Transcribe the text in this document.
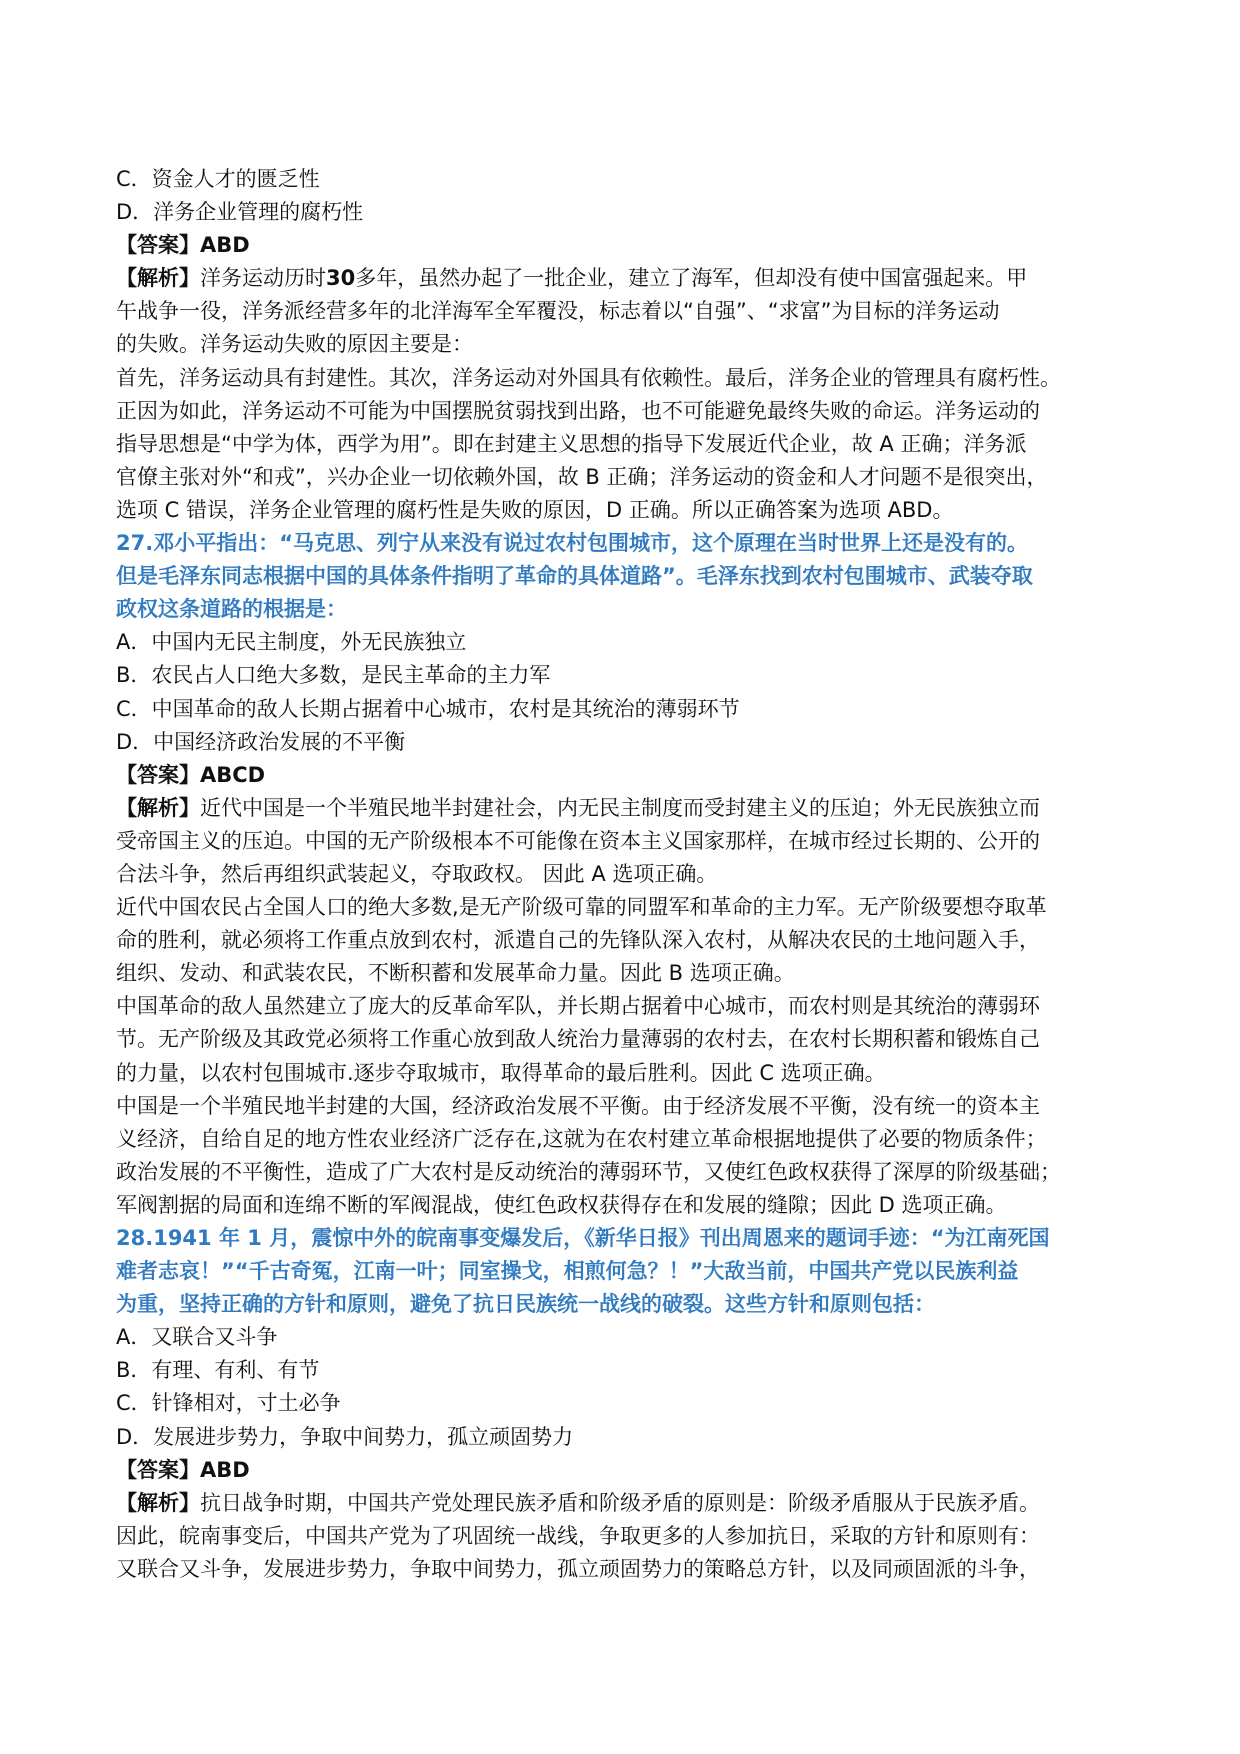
C．资金人才的匮乏性
D．洋务企业管理的腐朽性
【答案】ABD
【解析】洋务运动历时30多年，虽然办起了一批企业，建立了海军，但却没有使中国富强起来。甲
午战争一役，洋务派经营多年的北洋海军全军覆没，标志着以“自强”、“求富”为目标的洋务运动
的失败。洋务运动失败的原因主要是：
首先，洋务运动具有封建性。其次，洋务运动对外国具有依赖性。最后，洋务企业的管理具有腐朽性。
正因为如此，洋务运动不可能为中国摆脱贫弱找到出路，也不可能避免最终失败的命运。洋务运动的
指导思想是“中学为体，西学为用”。即在封建主义思想的指导下发展近代企业，故 A 正确；洋务派
官僚主张对外“和戎”，兴办企业一切依赖外国，故 B 正确；洋务运动的资金和人才问题不是很突出，
选项 C 错误，洋务企业管理的腐朽性是失败的原因，D 正确。所以正确答案为选项 ABD。
27.邓小平指出：“马克思、列宁从来没有说过农村包围城市，这个原理在当时世界上还是没有的。
但是毛泽东同志根据中国的具体条件指明了革命的具体道路”。毛泽东找到农村包围城市、武装夺取
政权这条道路的根据是：
A．中国内无民主制度，外无民族独立
B．农民占人口绝大多数，是民主革命的主力军
C．中国革命的敌人长期占据着中心城市，农村是其统治的薄弱环节
D．中国经济政治发展的不平衡
【答案】ABCD
【解析】近代中国是一个半殖民地半封建社会，内无民主制度而受封建主义的压迫；外无民族独立而
受帝国主义的压迫。中国的无产阶级根本不可能像在资本主义国家那样，在城市经过长期的、公开的
合法斗争，然后再组织武装起义，夺取政权。 因此 A 选项正确。
近代中国农民占全国人口的绝大多数,是无产阶级可靠的同盟军和革命的主力军。无产阶级要想夺取革
命的胜利，就必须将工作重点放到农村，派遣自己的先锋队深入农村，从解决农民的土地问题入手，
组织、发动、和武装农民，不断积蓄和发展革命力量。因此 B 选项正确。
中国革命的敌人虽然建立了庞大的反革命军队，并长期占据着中心城市，而农村则是其统治的薄弱环
节。无产阶级及其政党必须将工作重心放到敌人统治力量薄弱的农村去，在农村长期积蓄和锻炼自己
的力量，以农村包围城市.逐步夺取城市，取得革命的最后胜利。因此 C 选项正确。
中国是一个半殖民地半封建的大国，经济政治发展不平衡。由于经济发展不平衡，没有统一的资本主
义经济，自给自足的地方性农业经济广泛存在,这就为在农村建立革命根据地提供了必要的物质条件；
政治发展的不平衡性，造成了广大农村是反动统治的薄弱环节，又使红色政权获得了深厚的阶级基础；
军阀割据的局面和连绵不断的军阀混战，使红色政权获得存在和发展的缝隙；因此 D 选项正确。
28.1941 年 1 月，震惊中外的皖南事变爆发后，《新华日报》刊出周恩来的题词手迹：“为江南死国
难者志哀！”“千古奇冤，江南一叶；同室操戈，相煎何急？！”大敌当前，中国共产党以民族利益
为重，坚持正确的方针和原则，避免了抗日民族统一战线的破裂。这些方针和原则包括：
A．又联合又斗争
B．有理、有利、有节
C．针锋相对，寸土必争
D．发展进步势力，争取中间势力，孤立顽固势力
【答案】ABD
【解析】抗日战争时期，中国共产党处理民族矛盾和阶级矛盾的原则是：阶级矛盾服从于民族矛盾。
因此，皖南事变后，中国共产党为了巩固统一战线，争取更多的人参加抗日，采取的方针和原则有：
又联合又斗争，发展进步势力，争取中间势力，孤立顽固势力的策略总方针，以及同顽固派的斗争，
